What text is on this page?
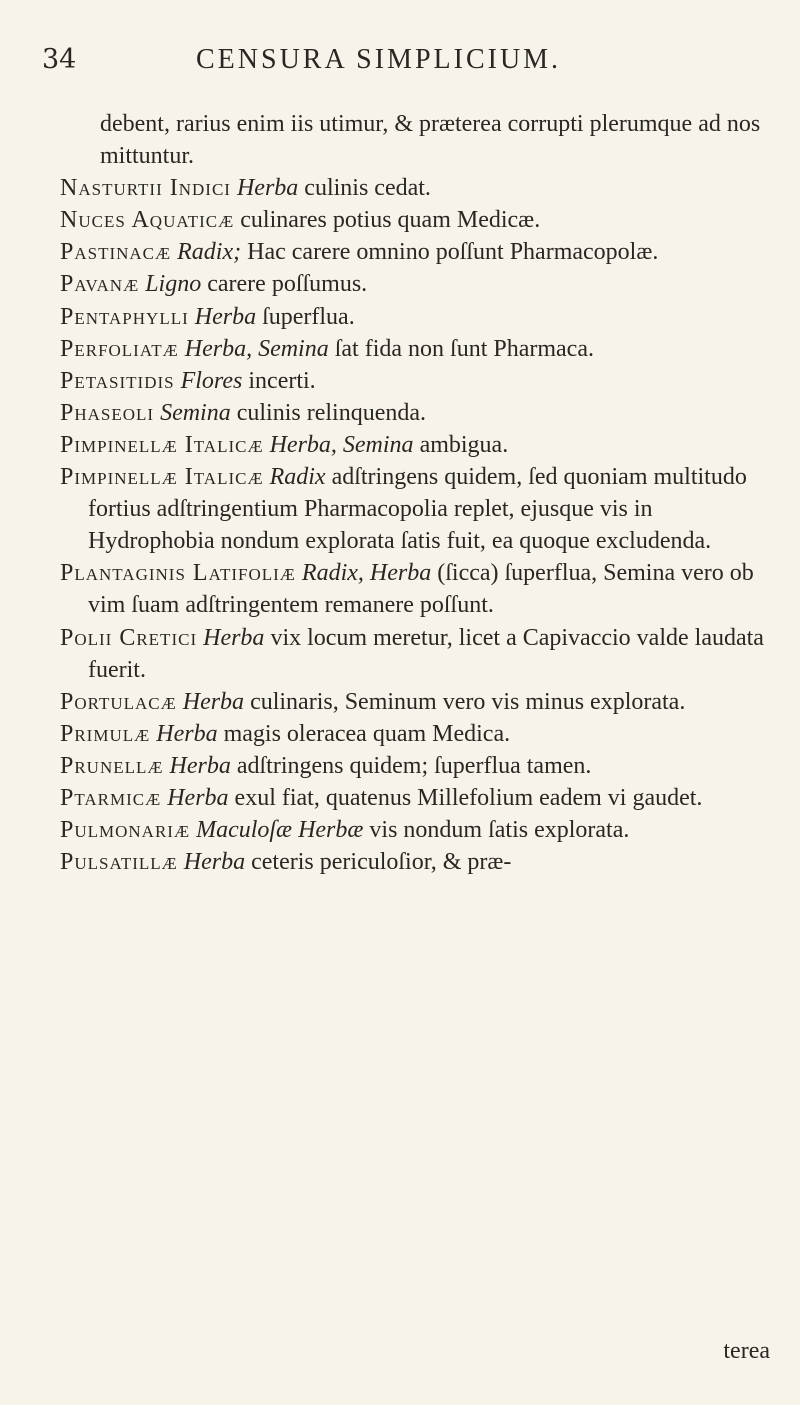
34	CENSURA SIMPLICIUM.

debent, rarius enim iis utimur, & prӕterea corrupti plerumque ad nos mittuntur.

Nasturtii Indici Herba culinis cedat.

Nuces Aquaticӕ culinares potius quam Medicӕ.

Pastinacӕ Radix; Hac carere omnino poſſunt Pharmacopolӕ.

Pavanӕ Ligno carere poſſumus.

Pentaphylli Herba ſuperflua.

Perfoliatӕ Herba, Semina ſat fida non ſunt Pharmaca.

Petasitidis Flores incerti.

Phaseoli Semina culinis relinquenda.

Pimpinellӕ Italicӕ Herba, Semina ambigua.

Pimpinellӕ Italicӕ Radix adſtringens quidem, ſed quoniam multitudo fortius adſtringentium Pharmacopolia replet, ejusque vis in Hydrophobia nondum explorata ſatis fuit, ea quoque excludenda.

Plantaginis Latifoliӕ Radix, Herba (ſicca) ſuperflua, Semina vero ob vim ſuam adſtringentem remanere poſſunt.

Polii Cretici Herba vix locum meretur, licet a Capivaccio valde laudata fuerit.

Portulacӕ Herba culinaris, Seminum vero vis minus explorata.

Primulӕ Herba magis oleracea quam Medica.

Prunellӕ Herba adſtringens quidem; ſuperflua tamen.

Ptarmicӕ Herba exul fiat, quatenus Millefolium eadem vi gaudet.

Pulmonariӕ Maculoſӕ Herbӕ vis nondum ſatis explorata.

Pulsatillӕ Herba ceteris periculoſior, & prӕ-

terea
